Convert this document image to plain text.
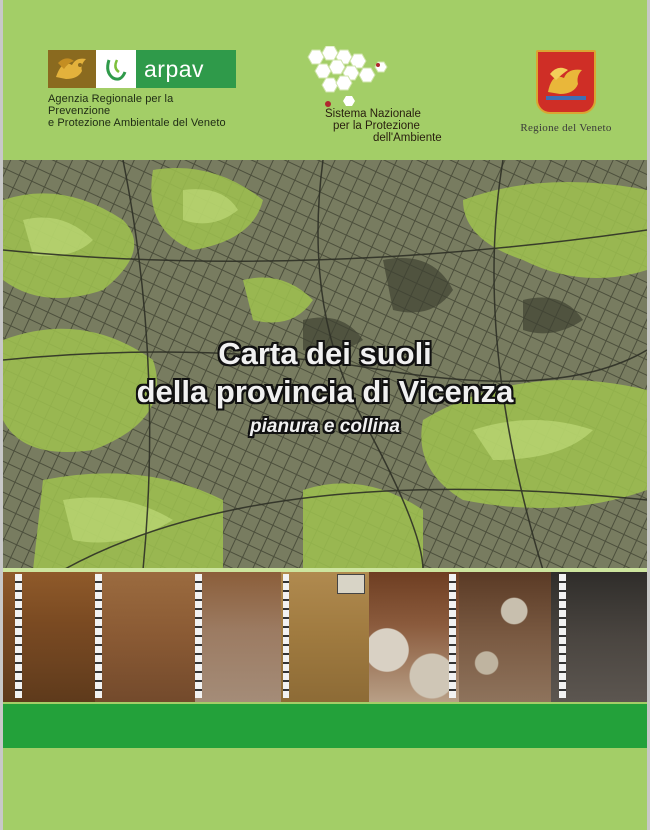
arpav
Agenzia Regionale per la Prevenzione
e Protezione Ambientale del Veneto
Sistema Nazionale
per la Protezione
dell'Ambiente
Regione del Veneto
Carta dei suoli
della provincia di Vicenza
pianura e collina
